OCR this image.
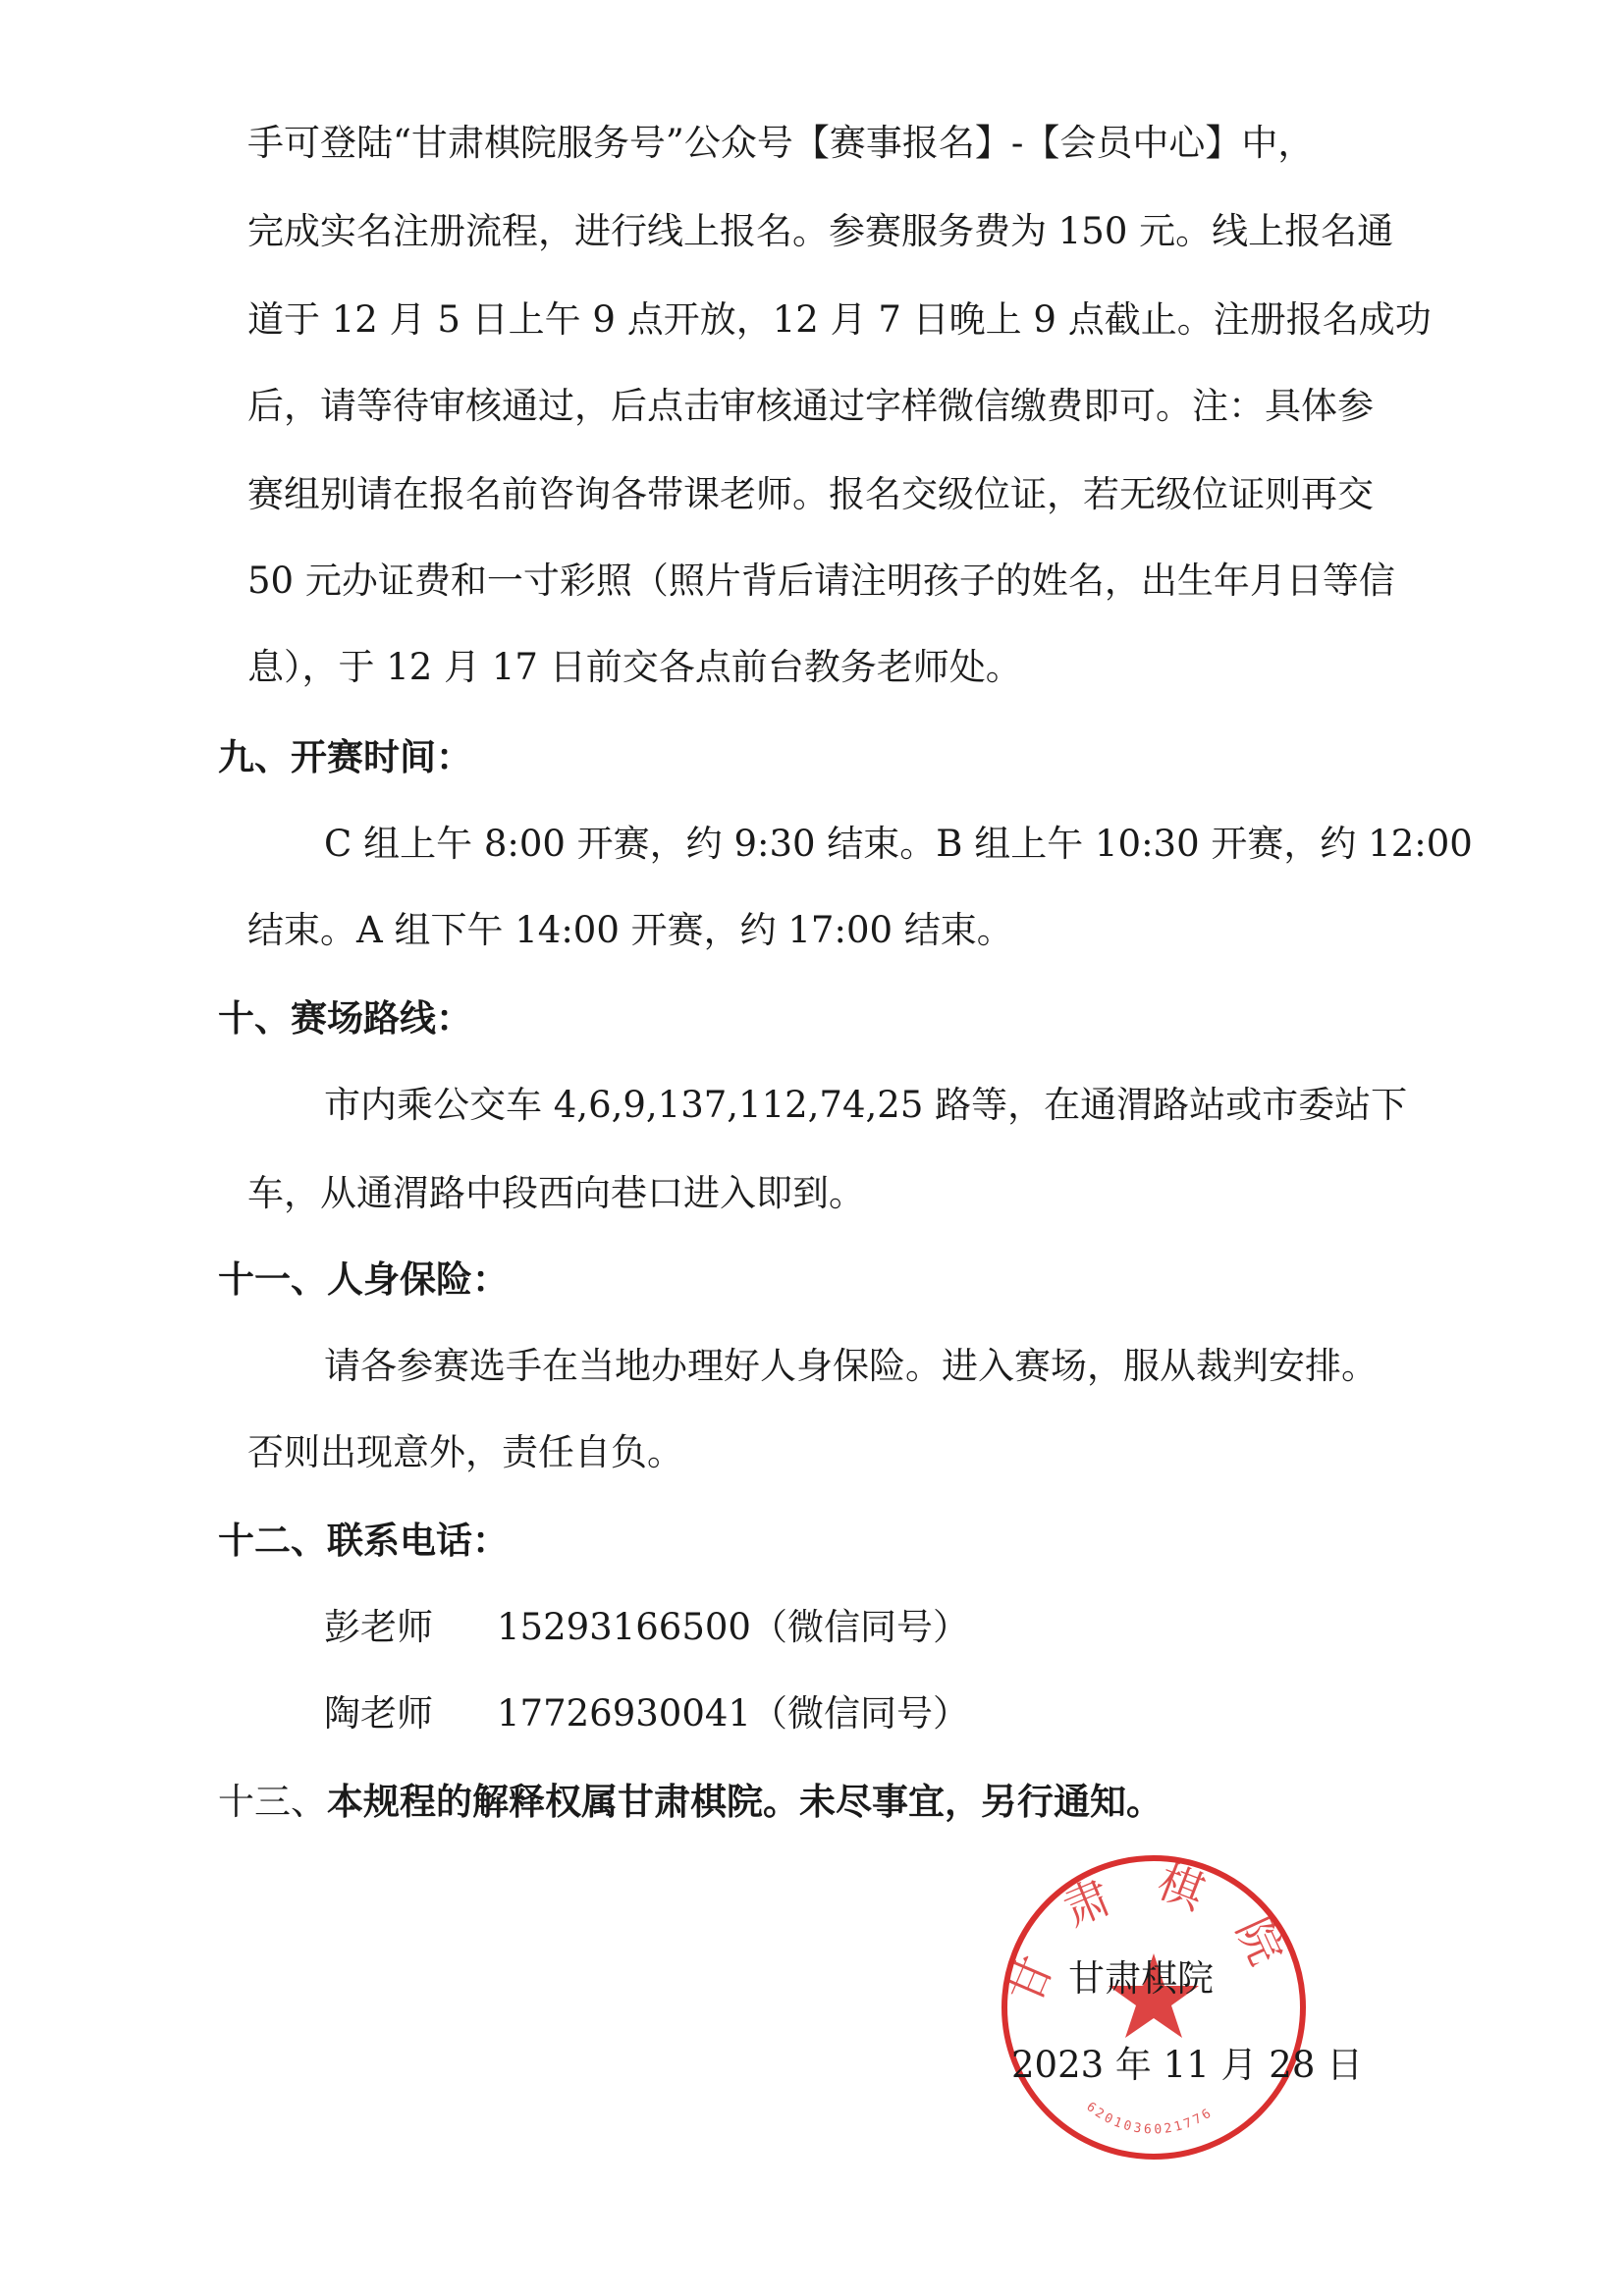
手可登陆“甘肃棋院服务号”公众号【赛事报名】-【会员中心】中，
完成实名注册流程，进行线上报名。参赛服务费为 150 元。线上报名通
道于 12 月 5 日上午 9 点开放，12 月 7 日晚上 9 点截止。注册报名成功
后，请等待审核通过，后点击审核通过字样微信缴费即可。注：具体参
赛组别请在报名前咨询各带课老师。报名交级位证，若无级位证则再交
50 元办证费和一寸彩照（照片背后请注明孩子的姓名，出生年月日等信
息），于 12 月 17 日前交各点前台教务老师处。
九、开赛时间：
C 组上午 8:00 开赛，约 9:30 结束。B 组上午 10:30 开赛，约 12:00
结束。A 组下午 14:00 开赛，约 17:00 结束。
十、赛场路线：
市内乘公交车 4,6,9,137,112,74,25 路等，在通渭路站或市委站下
车，从通渭路中段西向巷口进入即到。
十一、人身保险：
请各参赛选手在当地办理好人身保险。进入赛场，服从裁判安排。
否则出现意外，责任自负。
十二、联系电话：
彭老师 15293166500（微信同号）
陶老师 17726930041（微信同号）
十三、本规程的解释权属甘肃棋院。未尽事宜，另行通知。
甘肃棋院
6201036021776
甘肃棋院
2023 年 11 月 28 日
